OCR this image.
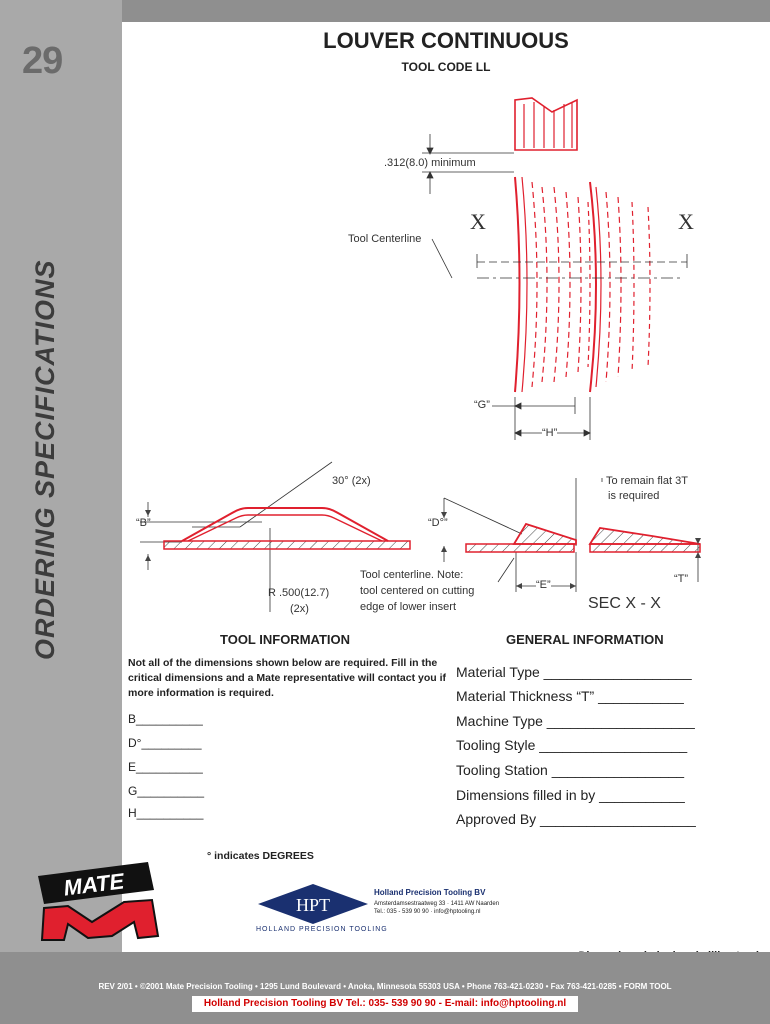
29
ORDERING SPECIFICATIONS
LOUVER CONTINUOUS
TOOL CODE LL
.312(8.0) minimum
Tool Centerline
X	X
“G”
“H”
30° (2x)
“B”
R .500(12.7)
(2x)
“D°”
To remain flat 3T
is required
Tool centerline. Note:
tool centered on cutting
edge of lower insert
“E”	“T”
SEC X - X
TOOL INFORMATION
Not all of the dimensions shown below are required. Fill in the critical dimensions and a Mate representative will contact you if more information is required.
B__________
D°_________
E__________
G__________
H__________
GENERAL INFORMATION
Material Type ___________________
Material Thickness “T” ___________
Machine Type ___________________
Tooling Style ___________________
Tooling Station _________________
Dimensions filled in by ___________
Approved By ____________________
° indicates DEGREES
HPT
Holland Precision Tooling BV
Amsterdamsestraatweg 33 · 1411 AW Naarden
Tel.: 035 - 539 90 90 · info@hptooling.nl
HOLLAND PRECISION TOOLING
MATE
REV 2/01 • ©2001 Mate Precision Tooling • 1295 Lund Boulevard • Anoka, Minnesota 55303 USA • Phone 763-421-0230 • Fax 763-421-0285 • FORM TOOL
Holland Precision Tooling BV Tel.: 035- 539 90 90 - E-mail: info@hptooling.nl
